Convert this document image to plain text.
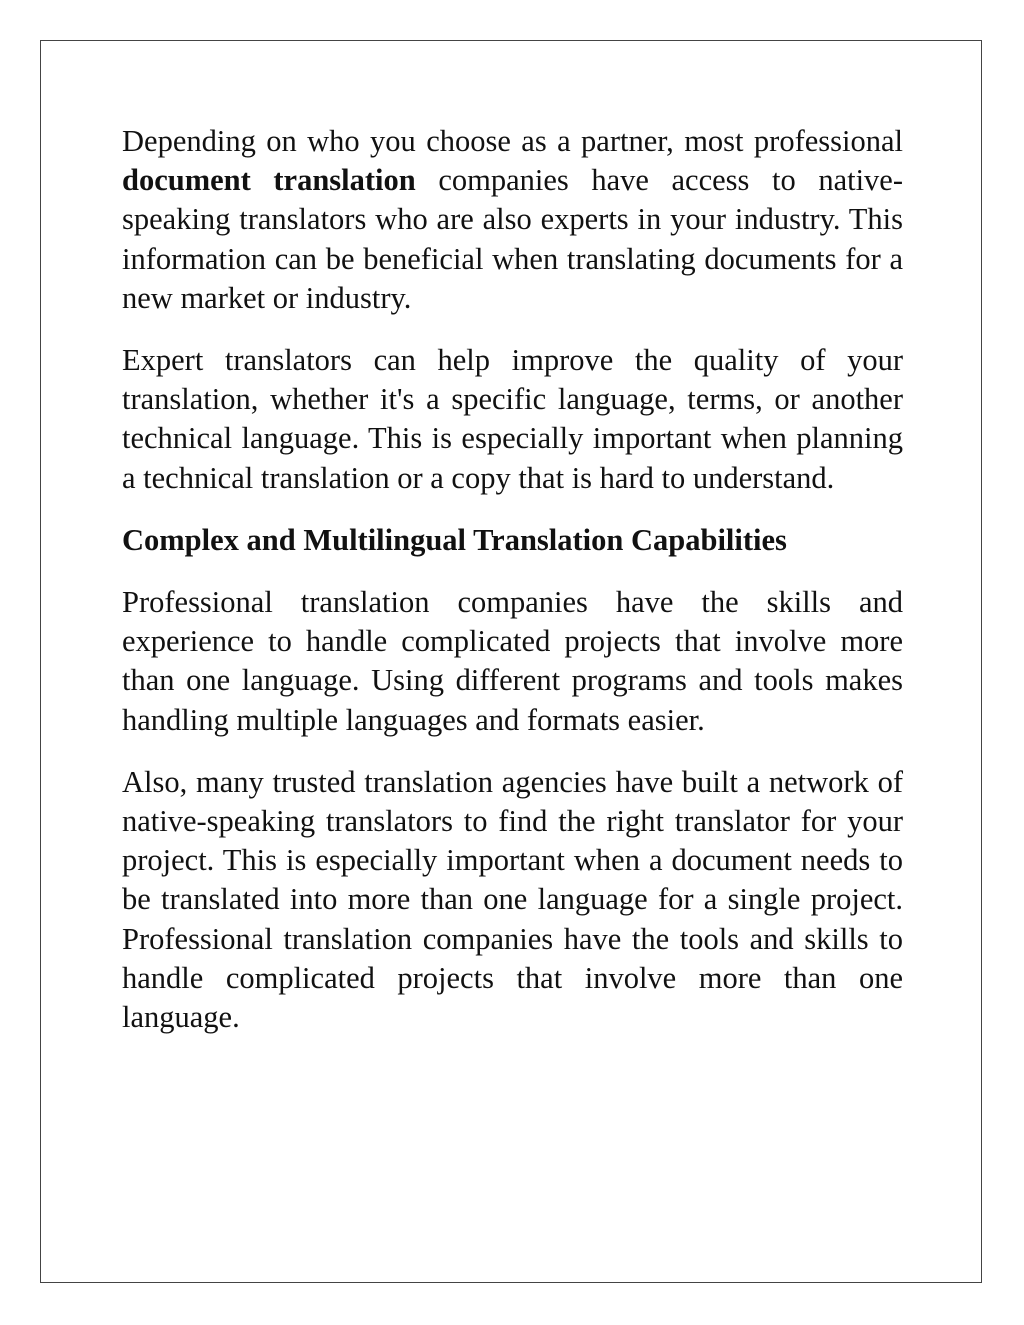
Depending on who you choose as a partner, most professional document translation companies have access to native-speaking translators who are also experts in your industry. This information can be beneficial when translating documents for a new market or industry.

Expert translators can help improve the quality of your translation, whether it's a specific language, terms, or another technical language. This is especially important when planning a technical translation or a copy that is hard to understand.

Complex and Multilingual Translation Capabilities

Professional translation companies have the skills and experience to handle complicated projects that involve more than one language. Using different programs and tools makes handling multiple languages and formats easier.

Also, many trusted translation agencies have built a network of native-speaking translators to find the right translator for your project. This is especially important when a document needs to be translated into more than one language for a single project. Professional translation companies have the tools and skills to handle complicated projects that involve more than one language.
